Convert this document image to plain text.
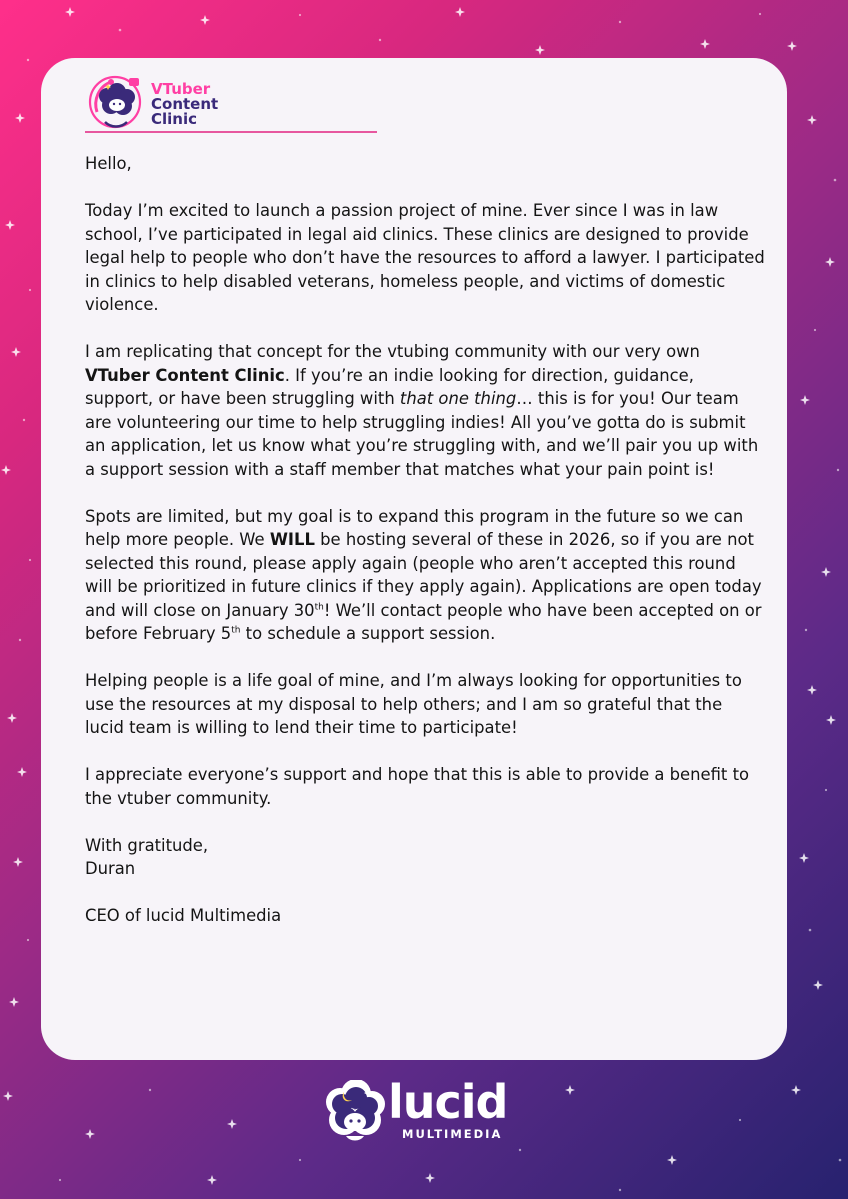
VTuber
Content
Clinic

Hello,

Today I’m excited to launch a passion project of mine. Ever since I was in law school, I’ve participated in legal aid clinics. These clinics are designed to provide legal help to people who don’t have the resources to afford a lawyer. I participated in clinics to help disabled veterans, homeless people, and victims of domestic violence.

I am replicating that concept for the vtubing community with our very own VTuber Content Clinic. If you’re an indie looking for direction, guidance, support, or have been struggling with that one thing… this is for you! Our team are volunteering our time to help struggling indies! All you’ve gotta do is submit an application, let us know what you’re struggling with, and we’ll pair you up with a support session with a staff member that matches what your pain point is!

Spots are limited, but my goal is to expand this program in the future so we can help more people. We WILL be hosting several of these in 2026, so if you are not selected this round, please apply again (people who aren’t accepted this round will be prioritized in future clinics if they apply again). Applications are open today and will close on January 30th! We’ll contact people who have been accepted on or before February 5th to schedule a support session.

Helping people is a life goal of mine, and I’m always looking for opportunities to use the resources at my disposal to help others; and I am so grateful that the lucid team is willing to lend their time to participate!

I appreciate everyone’s support and hope that this is able to provide a benefit to the vtuber community.

With gratitude,

Duran

CEO of lucid Multimedia

lucid
MULTIMEDIA
